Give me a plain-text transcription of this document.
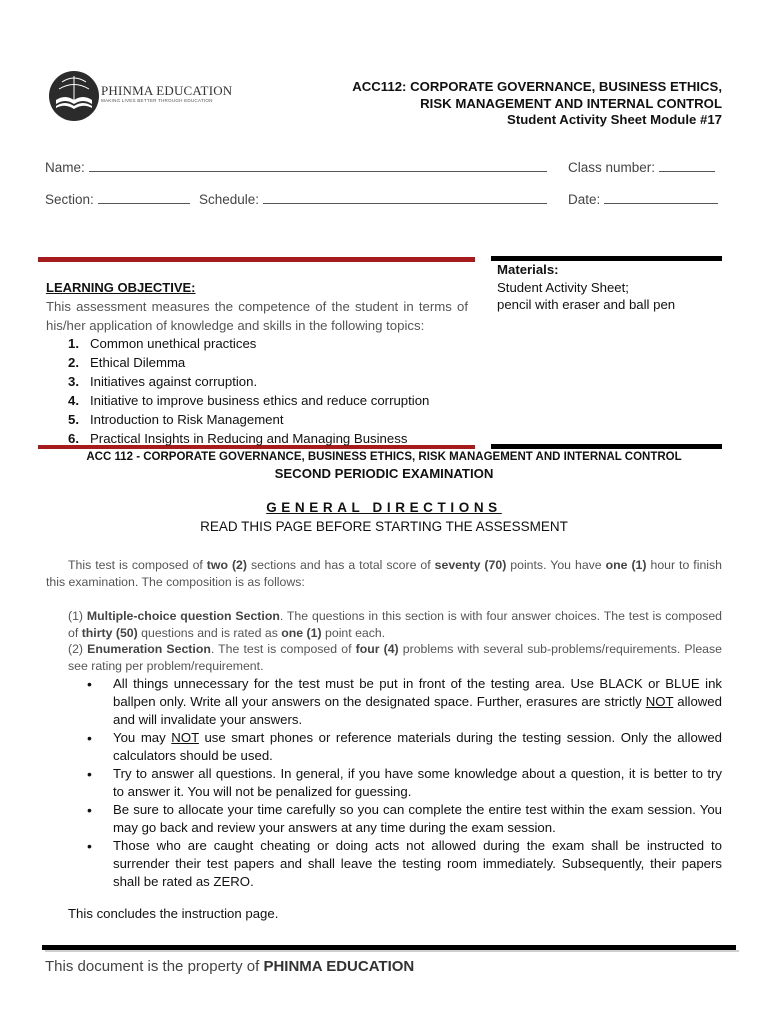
PHINMA EDUCATION
MAKING LIVES BETTER THROUGH EDUCATION
ACC112: CORPORATE GOVERNANCE, BUSINESS ETHICS,
RISK MANAGEMENT AND INTERNAL CONTROL
Student Activity Sheet Module #17
Name:	Class number:
Section:	Schedule:	Date:
LEARNING OBJECTIVE:
This assessment measures the competence of the student in terms of his/her application of knowledge and skills in the following topics:
1. Common unethical practices
2. Ethical Dilemma
3. Initiatives against corruption.
4. Initiative to improve business ethics and reduce corruption
5. Introduction to Risk Management
6. Practical Insights in Reducing and Managing Business
Materials:
Student Activity Sheet;
pencil with eraser and ball pen
ACC 112 - CORPORATE GOVERNANCE, BUSINESS ETHICS, RISK MANAGEMENT AND INTERNAL CONTROL
SECOND PERIODIC EXAMINATION
GENERAL DIRECTIONS
READ THIS PAGE BEFORE STARTING THE ASSESSMENT
This test is composed of two (2) sections and has a total score of seventy (70) points. You have one (1) hour to finish this examination. The composition is as follows:
(1) Multiple-choice question Section. The questions in this section is with four answer choices. The test is composed of thirty (50) questions and is rated as one (1) point each.
(2) Enumeration Section. The test is composed of four (4) problems with several sub-problems/requirements. Please see rating per problem/requirement.
• All things unnecessary for the test must be put in front of the testing area. Use BLACK or BLUE ink ballpen only. Write all your answers on the designated space. Further, erasures are strictly NOT allowed and will invalidate your answers.
• You may NOT use smart phones or reference materials during the testing session. Only the allowed calculators should be used.
• Try to answer all questions. In general, if you have some knowledge about a question, it is better to try to answer it. You will not be penalized for guessing.
• Be sure to allocate your time carefully so you can complete the entire test within the exam session. You may go back and review your answers at any time during the exam session.
• Those who are caught cheating or doing acts not allowed during the exam shall be instructed to surrender their test papers and shall leave the testing room immediately. Subsequently, their papers shall be rated as ZERO.
This concludes the instruction page.
This document is the property of PHINMA EDUCATION
